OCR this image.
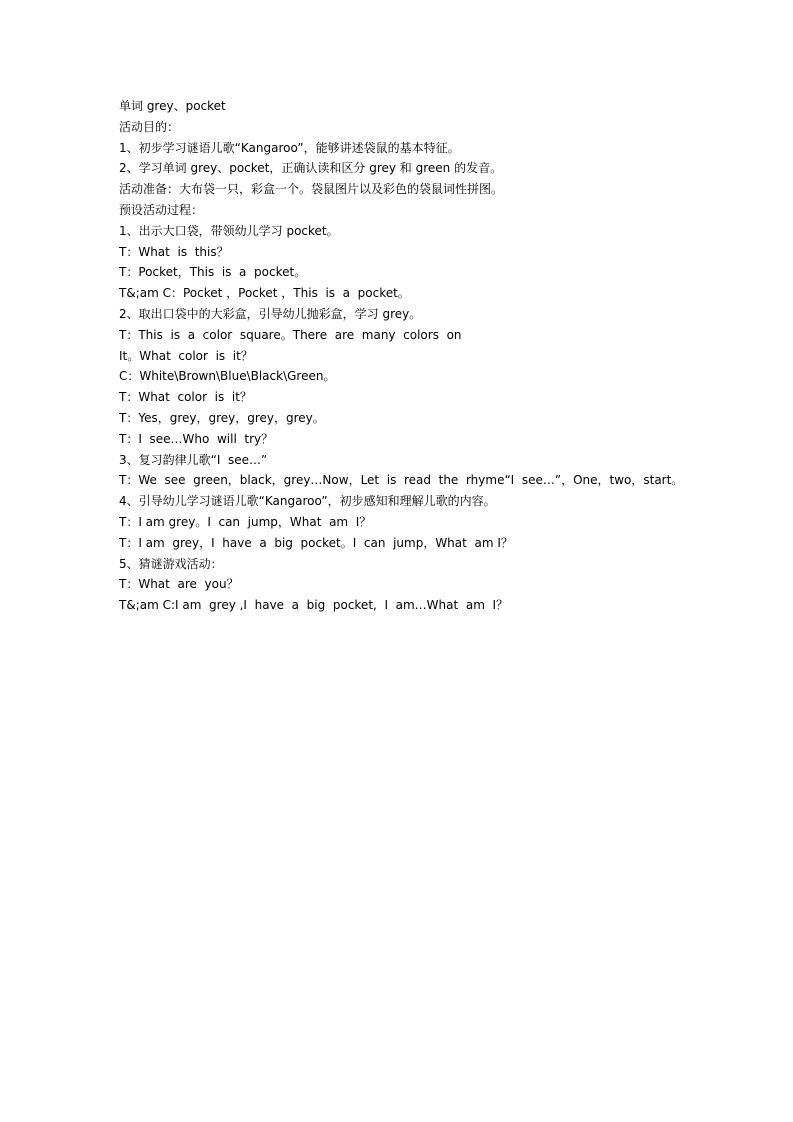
单词 grey、pocket
活动目的：
1、初步学习谜语儿歌“Kangaroo”，能够讲述袋鼠的基本特征。
2、学习单词 grey、pocket，正确认读和区分 grey 和 green 的发音。
活动准备：大布袋一只，彩盒一个。袋鼠图片以及彩色的袋鼠词性拼图。
预设活动过程：
1、出示大口袋，带领幼儿学习 pocket。
T：What  is  this？
T：Pocket，This  is  a  pocket。
T&;am C：Pocket ，Pocket ，This  is  a  pocket。
2、取出口袋中的大彩盒，引导幼儿抛彩盒，学习 grey。
T：This  is  a  color  square。There  are  many  colors  on
It。What  color  is  it？
C：White\Brown\Blue\Black\Green。
T：What  color  is  it？
T：Yes，grey，grey，grey，grey。
T：I  see…Who  will  try？
3、复习韵律儿歌“I  see…”
T：We  see  green，black，grey…Now，Let  is  read  the  rhyme“I  see…”，One，two，start。
4、引导幼儿学习谜语儿歌“Kangaroo”，初步感知和理解儿歌的内容。
T：I am grey。I  can  jump，What  am  I？
T：I am  grey，I  have  a  big  pocket。I  can  jump，What  am I？
5、猜谜游戏活动：
T：What  are  you？
T&;am C:I am  grey ,I  have  a  big  pocket,  I  am…What  am  I？
